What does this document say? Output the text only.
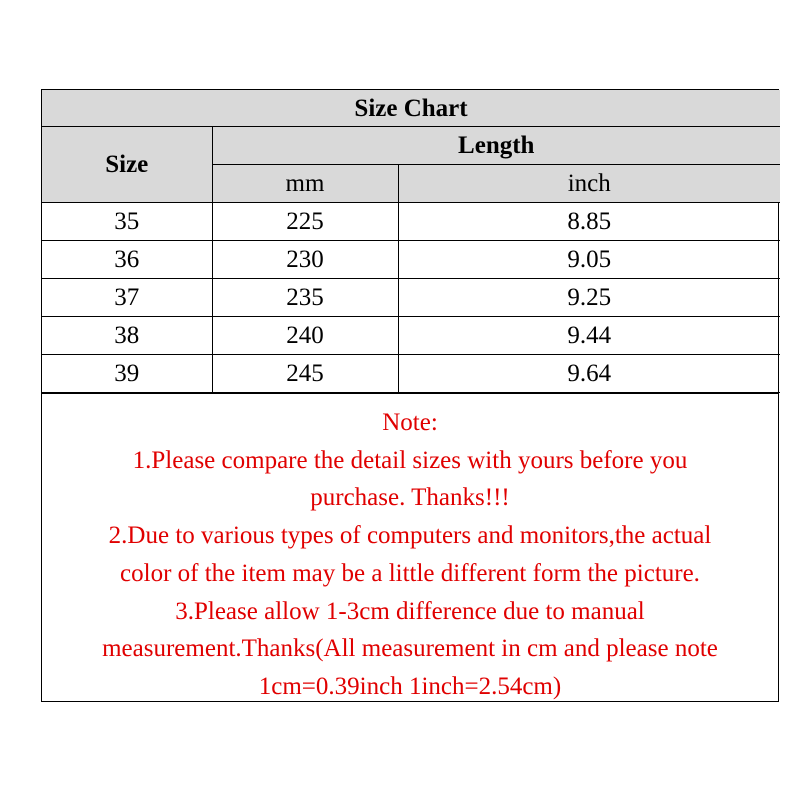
Size Chart		
Size	Length	
	mm	inch
35	225	8.85
36	230	9.05
37	235	9.25
38	240	9.44
39	245	9.64
Note:
1.Please compare the detail sizes with yours before you
purchase. Thanks!!!
2.Due to various types of computers and monitors,the actual
color of the item may be a little different form the picture.
3.Please allow 1-3cm difference due to manual
measurement.Thanks(All measurement in cm and please note
1cm=0.39inch 1inch=2.54cm)
